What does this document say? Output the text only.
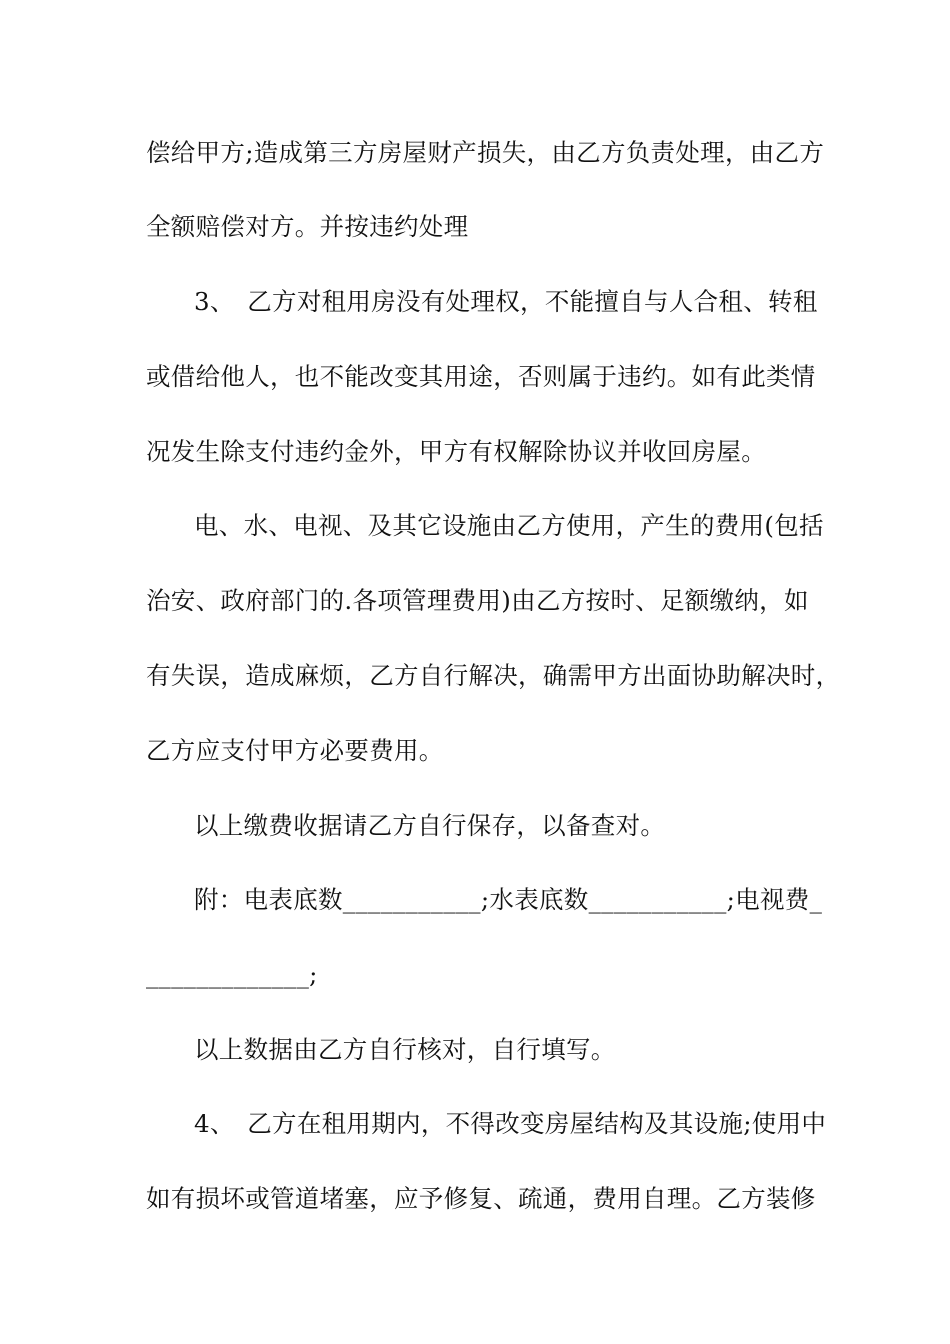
偿给甲方;造成第三方房屋财产损失，由乙方负责处理，由乙方
全额赔偿对方。并按违约处理
3、　乙方对租用房没有处理权，不能擅自与人合租、转租
或借给他人，也不能改变其用途，否则属于违约。如有此类情
况发生除支付违约金外，甲方有权解除协议并收回房屋。
电、水、电视、及其它设施由乙方使用，产生的费用(包括
治安、政府部门的.各项管理费用)由乙方按时、足额缴纳，如
有失误，造成麻烦，乙方自行解决，确需甲方出面协助解决时，
乙方应支付甲方必要费用。
以上缴费收据请乙方自行保存，以备查对。
附：电表底数___________;水表底数___________;电视费_
_____________;
以上数据由乙方自行核对，自行填写。
4、　乙方在租用期内，不得改变房屋结构及其设施;使用中
如有损坏或管道堵塞，应予修复、疏通，费用自理。乙方装修
